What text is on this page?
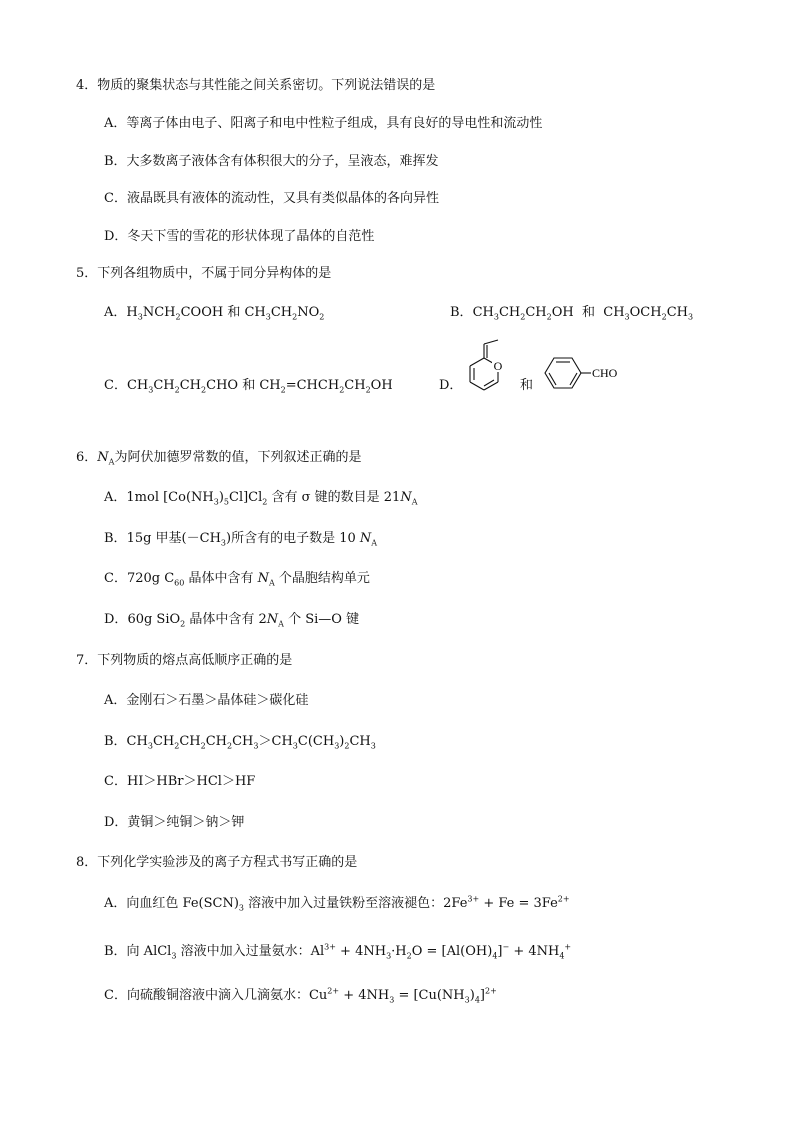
4．物质的聚集状态与其性能之间关系密切。下列说法错误的是
A．等离子体由电子、阳离子和电中性粒子组成，具有良好的导电性和流动性
B．大多数离子液体含有体积很大的分子，呈液态，难挥发
C．液晶既具有液体的流动性，又具有类似晶体的各向异性
D．冬天下雪的雪花的形状体现了晶体的自范性
5．下列各组物质中，不属于同分异构体的是
A．$H_3NCH_2COOH$ 和 $CH_3CH_2NO_2$	B．$CH_3CH_2CH_2OH$  和  $CH_3OCH_2CH_3$
C．$CH_3CH_2CH_2CHO$ 和 $CH_2=CHCH_2CH_2OH$	D．
O
和
CHO
6．$N_A$为阿伏加德罗常数的值，下列叙述正确的是
A．1mol $[Co(NH_3)_5Cl]Cl_2$ 含有 σ 键的数目是 $21N_A$
B．15g 甲基$(-CH_3)$所含有的电子数是 10 $N_A$
C．720g $C_{60}$ 晶体中含有 $N_A$ 个晶胞结构单元
D．60g SiO$_2$ 晶体中含有 $2N_A$ 个 Si—O 键
7．下列物质的熔点高低顺序正确的是
A．金刚石＞石墨＞晶体硅＞碳化硅
B．$CH_3CH_2CH_2CH_2CH_3>CH_3C(CH_3)_2CH_3$
C．HI＞HBr＞HCl＞HF
D．黄铜＞纯铜＞钠＞钾
8．下列化学实验涉及的离子方程式书写正确的是
A．向血红色 $Fe(SCN)_3$ 溶液中加入过量铁粉至溶液褪色：$2Fe^{3+} + Fe = 3Fe^{2+}$
B．向 AlCl$_3$ 溶液中加入过量氨水：$Al^{3+} + 4NH_3\cdot H_2O = [Al(OH)_4]^- + 4NH_4^+$
C．向硫酸铜溶液中滴入几滴氨水：$Cu^{2+} + 4NH_3 = [Cu(NH_3)_4]^{2+}$
